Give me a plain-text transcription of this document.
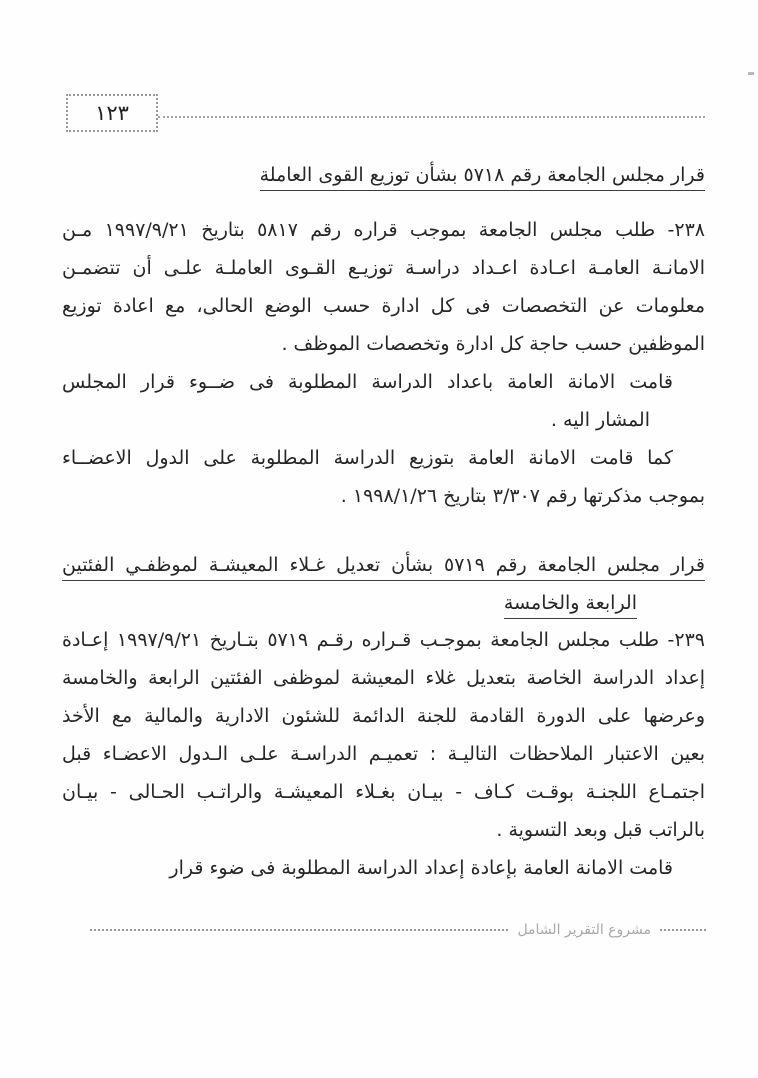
١٢٣
قرار مجلس الجامعة رقم ٥٧١٨ بشأن توزيع القوى العاملة
٢٣٨- طلب مجلس الجامعة بموجب قراره رقم ٥٨١٧ بتاريخ ١٩٩٧/٩/٢١ مـن
الامانـة العامـة اعـادة اعـداد دراسـة توزيـع القـوى العاملـة علـى أن تتضمـن
معلومات عن التخصصات فى كل ادارة حسب الوضع الحالى، مع اعادة توزيع
الموظفين حسب حاجة كل ادارة وتخصصات الموظف .
قامت الامانة العامة باعداد الدراسة المطلوبة فى ضــوء قرار المجلس
المشار اليه .
كما قامت الامانة العامة بتوزيع الدراسة المطلوبة على الدول الاعضــاء
بموجب مذكرتها رقم ٣/٣٠٧ بتاريخ ١٩٩٨/١/٢٦ .
قرار مجلس الجامعة رقم ٥٧١٩ بشأن تعديل غـلاء المعيشـة لموظفـي الفئتين
الرابعة والخامسة
٢٣٩- طلب مجلس الجامعة بموجـب قـراره رقـم ٥٧١٩ بتـاريخ ١٩٩٧/٩/٢١ إعـادة
إعداد الدراسة الخاصة بتعديل غلاء المعيشة لموظفى الفئتين الرابعة والخامسة
وعرضها على الدورة القادمة للجنة الدائمة للشئون الادارية والمالية مع الأخذ
بعين الاعتبار الملاحظات التاليـة : تعميـم الدراسـة علـى الـدول الاعضـاء قبل
اجتمـاع اللجنـة بوقـت كـاف - بيـان بغـلاء المعيشـة والراتـب الحـالى - بيـان
بالراتب قبل وبعد التسوية .
قامت الامانة العامة بإعادة إعداد الدراسة المطلوبة فى ضوء قرار
مشروع التقرير الشامل
